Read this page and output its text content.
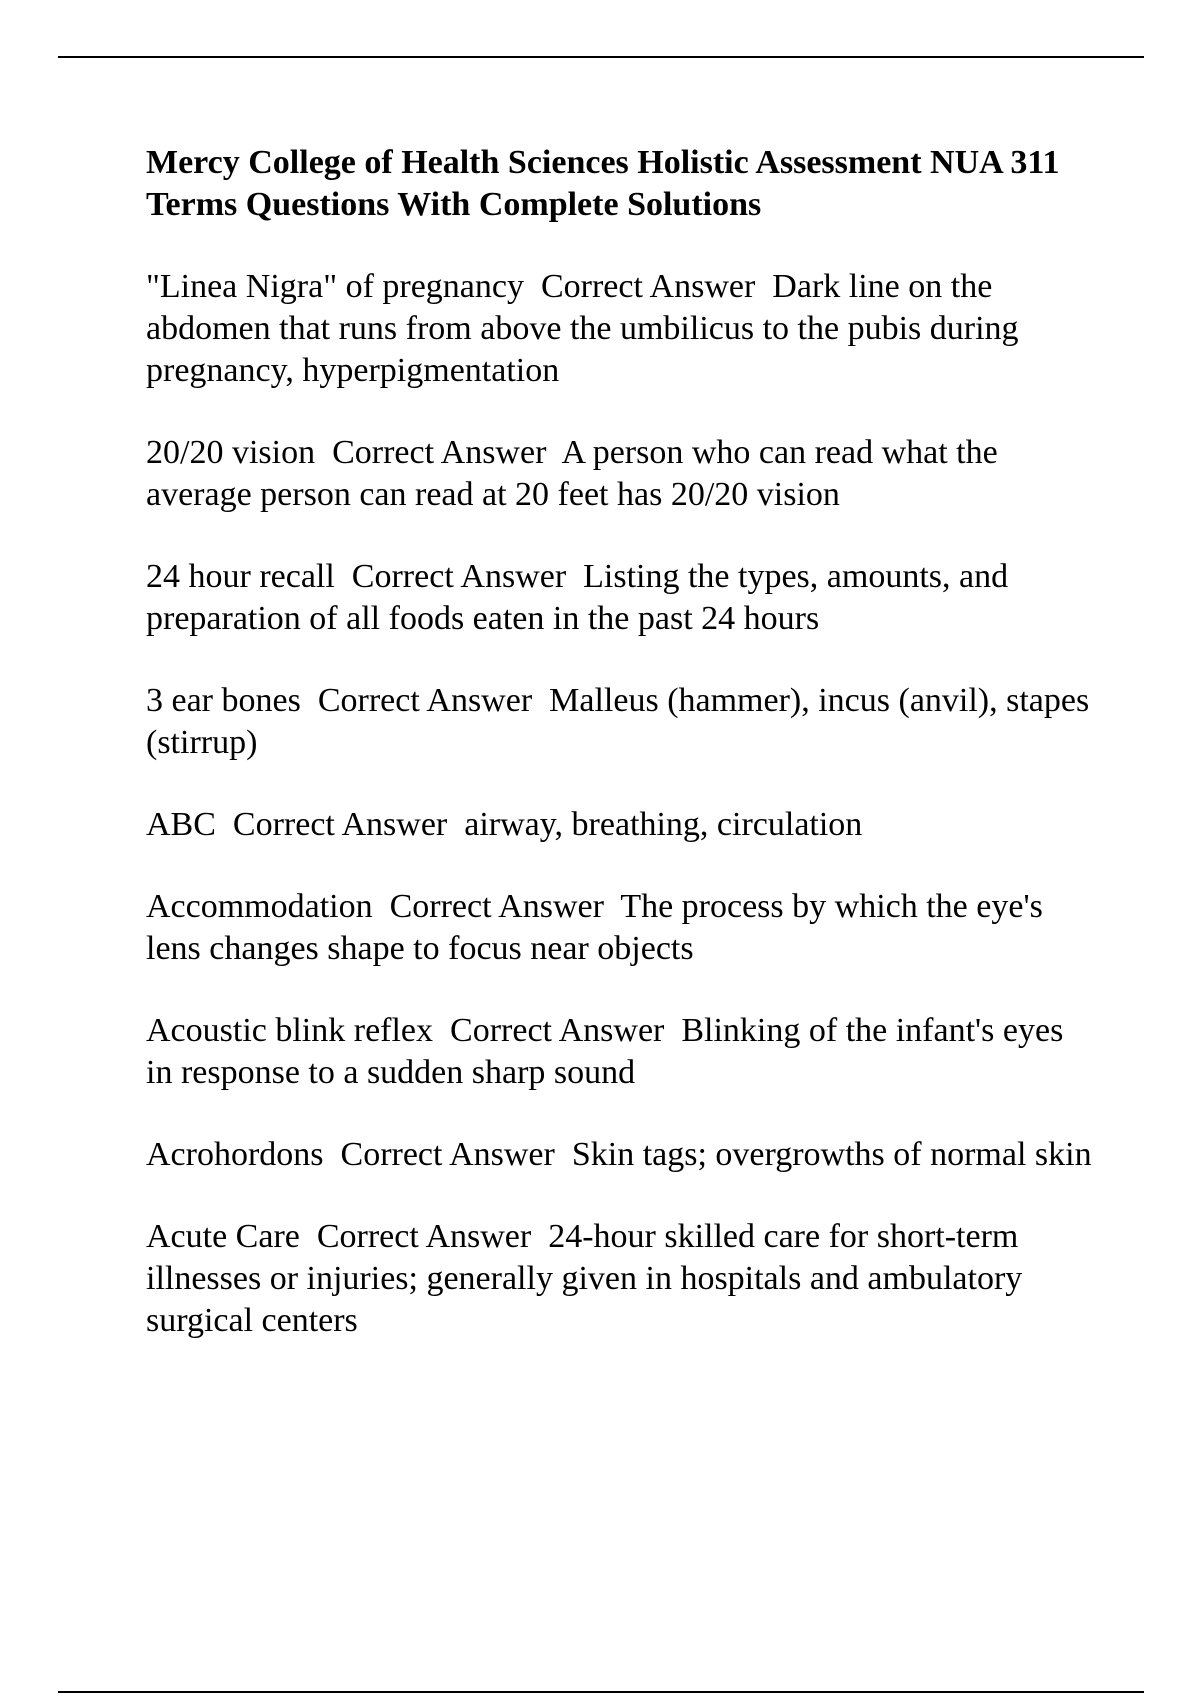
Mercy College of Health Sciences Holistic Assessment NUA 311 Terms Questions With Complete Solutions
"Linea Nigra" of pregnancy  Correct Answer  Dark line on the abdomen that runs from above the umbilicus to the pubis during pregnancy, hyperpigmentation
20/20 vision  Correct Answer  A person who can read what the average person can read at 20 feet has 20/20 vision
24 hour recall  Correct Answer  Listing the types, amounts, and preparation of all foods eaten in the past 24 hours
3 ear bones  Correct Answer  Malleus (hammer), incus (anvil), stapes (stirrup)
ABC  Correct Answer  airway, breathing, circulation
Accommodation  Correct Answer  The process by which the eye's lens changes shape to focus near objects
Acoustic blink reflex  Correct Answer  Blinking of the infant's eyes in response to a sudden sharp sound
Acrohordons  Correct Answer  Skin tags; overgrowths of normal skin
Acute Care  Correct Answer  24-hour skilled care for short-term illnesses or injuries; generally given in hospitals and ambulatory surgical centers
